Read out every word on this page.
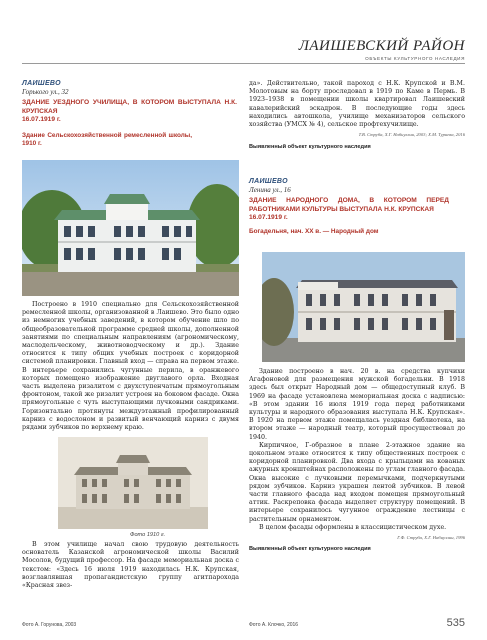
ЛАИШЕВСКИЙ РАЙОН
ОБЪЕКТЫ КУЛЬТУРНОГО НАСЛЕДИЯ
ЛАИШЕВО
Горького ул., 32
ЗДАНИЕ УЕЗДНОГО УЧИЛИЩА, В КОТОРОМ ВЫСТУПАЛА Н.К. КРУПСКАЯ
16.07.1919 г.
Здание Сельскохозяйственной ремесленной школы, 1910 г.

Построено в 1910 специально для Сельскохозяйственной ремесленной школы, организованной в Лаишево. Это было одно из немногих учебных заведений, в котором обучение шло по общеобразовательной программе средней школы, дополненной занятиями по специальным направлениям (агрономическому, маслодельческому, животноводческому и др.). Здание относится к типу общих учебных построек с коридорной системой планировки. Главный вход — справа на первом этаже. В интерьере сохранились чугунные перила, в оранжевого которых помещено изображение двуглавого орла. Входная часть выделена ризалитом с двухступенчатым прямоугольным фронтоном, такой же ризалит устроен на боковом фасаде. Окна прямоугольные с чуть выступающими лучковыми сандриками. Горизонтально протянуты междуэтажный профилированный карниз с водослоном и развитый венчающий карниз с двумя рядами зубчиков по верхнему краю.

Фото 1910 г.

В этом училище начал свою трудовую деятельность основатель Казанской агрономической школы Василий Мосолов, будущий профессор. На фасаде мемориальная доска с текстом: «Здесь 16 июля 1919 находилась Н.К. Крупская, возглавлявшая пропагандистскую группу агитпарохода «Красная звез-

да». Действительно, такой пароход с Н.К. Крупской и В.М. Молотовым на борту проследовал в 1919 по Каме в Пермь. В 1923–1938 в помещении школы квартировал Лаишевский кавалерийский эскадрон. В последующие годы здесь находились автошкола, училище механизаторов сельского хозяйства (УМСХ № 4), сельское профтехучилище.

Т.В. Струба, Х.Г. Набиуллин, 2003; Х.М. Туриева, 2016
Выявленный объект культурного наследия
ЛАИШЕВО
Ленина ул., 16
ЗДАНИЕ НАРОДНОГО ДОМА, В КОТОРОМ ПЕРЕД РАБОТНИКАМИ КУЛЬТУРЫ ВЫСТУПАЛА Н.К. КРУПСКАЯ
16.07.1919 г.
Богадельня, нач. XX в. — Народный дом

Здание построено в нач. 20 в. на средства купчихи Агафоновой для размещения мужской богадельни. В 1918 здесь был открыт Народный дом — общедоступный клуб. В 1969 на фасаде установлена мемориальная доска с надписью: «В этом здании 16 июля 1919 года перед работниками культуры и народного образования выступала Н.К. Крупская». В 1920 на первом этаже помещалась уездная библиотека, на втором этаже — народный театр, который просуществовал до 1940.

Кирпичное, Г-образное в плане 2-этажное здание на цокольном этаже относится к типу общественных построек с коридорной планировкой. Два входа с крыльцами на кованых ажурных кронштейнах расположены по углам главного фасада. Окна высокие с лучковыми перемычками, подчеркнутыми рядом зубчиков. Карниз украшен лентой зубчиков. В левой части главного фасада над входом помещен прямоугольный аттик. Раскреповка фасада выделяет структуру помещений. В интерьере сохранилось чугунное ограждение лестницы с растительным орнаментом.

В целом фасады оформлены в классицистическом духе.

Г.Ф. Струба, Х.Г. Набиуллин, 1996
Выявленный объект культурного наследия
Фото А. Горунова, 2003	Фото А. Клочко, 2016	535
